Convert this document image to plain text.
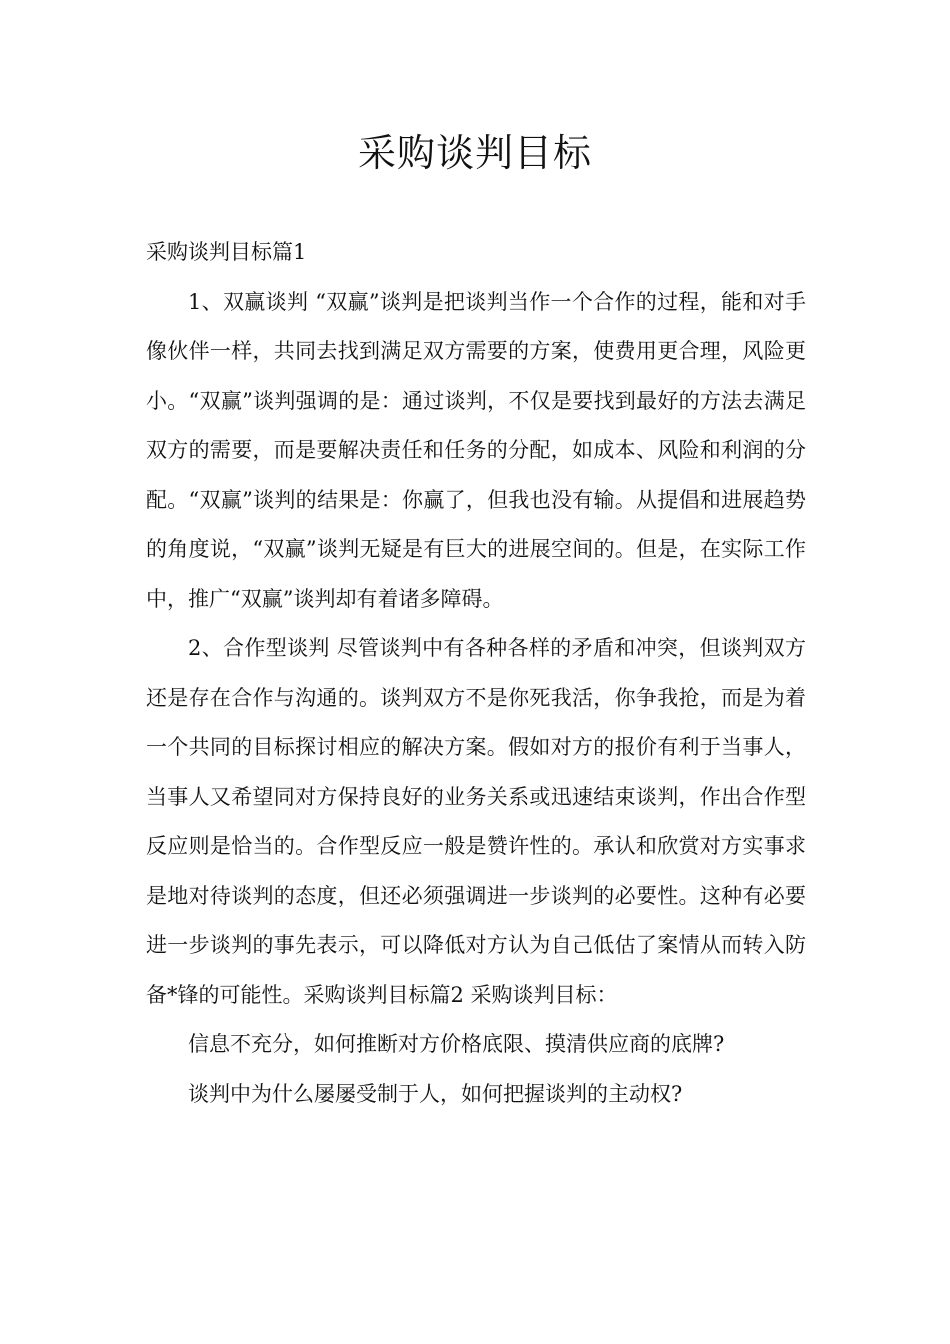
采购谈判目标

采购谈判目标篇1

1、双赢谈判 “双赢”谈判是把谈判当作一个合作的过程，能和对手像伙伴一样，共同去找到满足双方需要的方案，使费用更合理，风险更小。“双赢”谈判强调的是：通过谈判，不仅是要找到最好的方法去满足双方的需要，而是要解决责任和任务的分配，如成本、风险和利润的分配。“双赢”谈判的结果是：你赢了，但我也没有输。从提倡和进展趋势的角度说，“双赢”谈判无疑是有巨大的进展空间的。但是，在实际工作中，推广“双赢”谈判却有着诸多障碍。

2、合作型谈判 尽管谈判中有各种各样的矛盾和冲突，但谈判双方还是存在合作与沟通的。谈判双方不是你死我活，你争我抢，而是为着一个共同的目标探讨相应的解决方案。假如对方的报价有利于当事人，当事人又希望同对方保持良好的业务关系或迅速结束谈判，作出合作型反应则是恰当的。合作型反应一般是赞许性的。承认和欣赏对方实事求是地对待谈判的态度，但还必须强调进一步谈判的必要性。这种有必要进一步谈判的事先表示，可以降低对方认为自己低估了案情从而转入防备*锋的可能性。采购谈判目标篇2 采购谈判目标：

信息不充分，如何推断对方价格底限、摸清供应商的底牌?

谈判中为什么屡屡受制于人，如何把握谈判的主动权?
